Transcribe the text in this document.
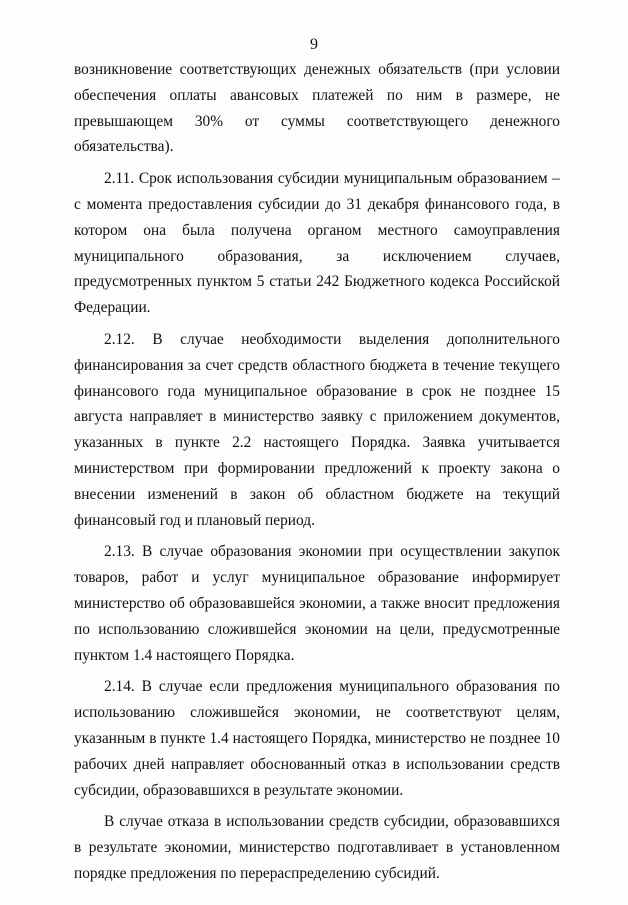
9

возникновение соответствующих денежных обязательств (при условии обеспечения оплаты авансовых платежей по ним в размере, не превышающем 30% от суммы соответствующего денежного обязательства).

2.11. Срок использования субсидии муниципальным образованием – с момента предоставления субсидии до 31 декабря финансового года, в котором она была получена органом местного самоуправления муниципального образования, за исключением случаев, предусмотренных пунктом 5 статьи 242 Бюджетного кодекса Российской Федерации.

2.12. В случае необходимости выделения дополнительного финансирования за счет средств областного бюджета в течение текущего финансового года муниципальное образование в срок не позднее 15 августа направляет в министерство заявку с приложением документов, указанных в пункте 2.2 настоящего Порядка. Заявка учитывается министерством при формировании предложений к проекту закона о внесении изменений в закон об областном бюджете на текущий финансовый год и плановый период.

2.13. В случае образования экономии при осуществлении закупок товаров, работ и услуг муниципальное образование информирует министерство об образовавшейся экономии, а также вносит предложения по использованию сложившейся экономии на цели, предусмотренные пунктом 1.4 настоящего Порядка.

2.14. В случае если предложения муниципального образования по использованию сложившейся экономии, не соответствуют целям, указанным в пункте 1.4 настоящего Порядка, министерство не позднее 10 рабочих дней направляет обоснованный отказ в использовании средств субсидии, образовавшихся в результате экономии.

В случае отказа в использовании средств субсидии, образовавшихся в результате экономии, министерство подготавливает в установленном порядке предложения по перераспределению субсидий.
